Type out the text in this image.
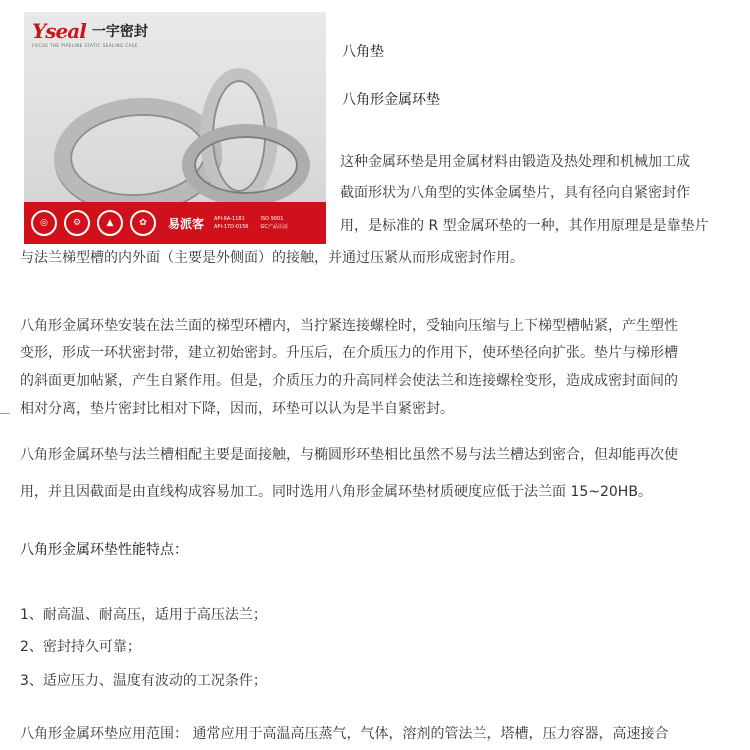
Yseal 一宇密封
FOCUS THE PIPELINE STATIC SEALING CASE
◎	⚙	▲	✿	易派客 API-6A-1181
API-17D-0156
ISO 9001
GC产品认证
八角垫
八角形金属环垫
这种金属环垫是用金属材料由锻造及热处理和机械加工成
截面形状为八角型的实体金属垫片，具有径向自紧密封作
用，是标准的 R 型金属环垫的一种，其作用原理是是靠垫片
与法兰梯型槽的内外面（主要是外侧面）的接触，并通过压紧从而形成密封作用。
八角形金属环垫安装在法兰面的梯型环槽内，当拧紧连接螺栓时，受轴向压缩与上下梯型槽帖紧，产生塑性
变形，形成一环状密封带，建立初始密封。升压后，在介质压力的作用下，使环垫径向扩张。垫片与梯形槽
的斜面更加帖紧，产生自紧作用。但是，介质压力的升高同样会使法兰和连接螺栓变形，造成成密封面间的
相对分离，垫片密封比相对下降，因而，环垫可以认为是半自紧密封。
八角形金属环垫与法兰槽相配主要是面接触，与椭圆形环垫相比虽然不易与法兰槽达到密合，但却能再次使
用，并且因截面是由直线构成容易加工。同时选用八角形金属环垫材质硬度应低于法兰面 15~20HB。
八角形金属环垫性能特点：
1、耐高温、耐高压，适用于高压法兰；
2、密封持久可靠；
3、适应压力、温度有波动的工况条件；
八角形金属环垫应用范围： 通常应用于高温高压蒸气，气体，溶剂的管法兰，塔槽，压力容器，高速接合
